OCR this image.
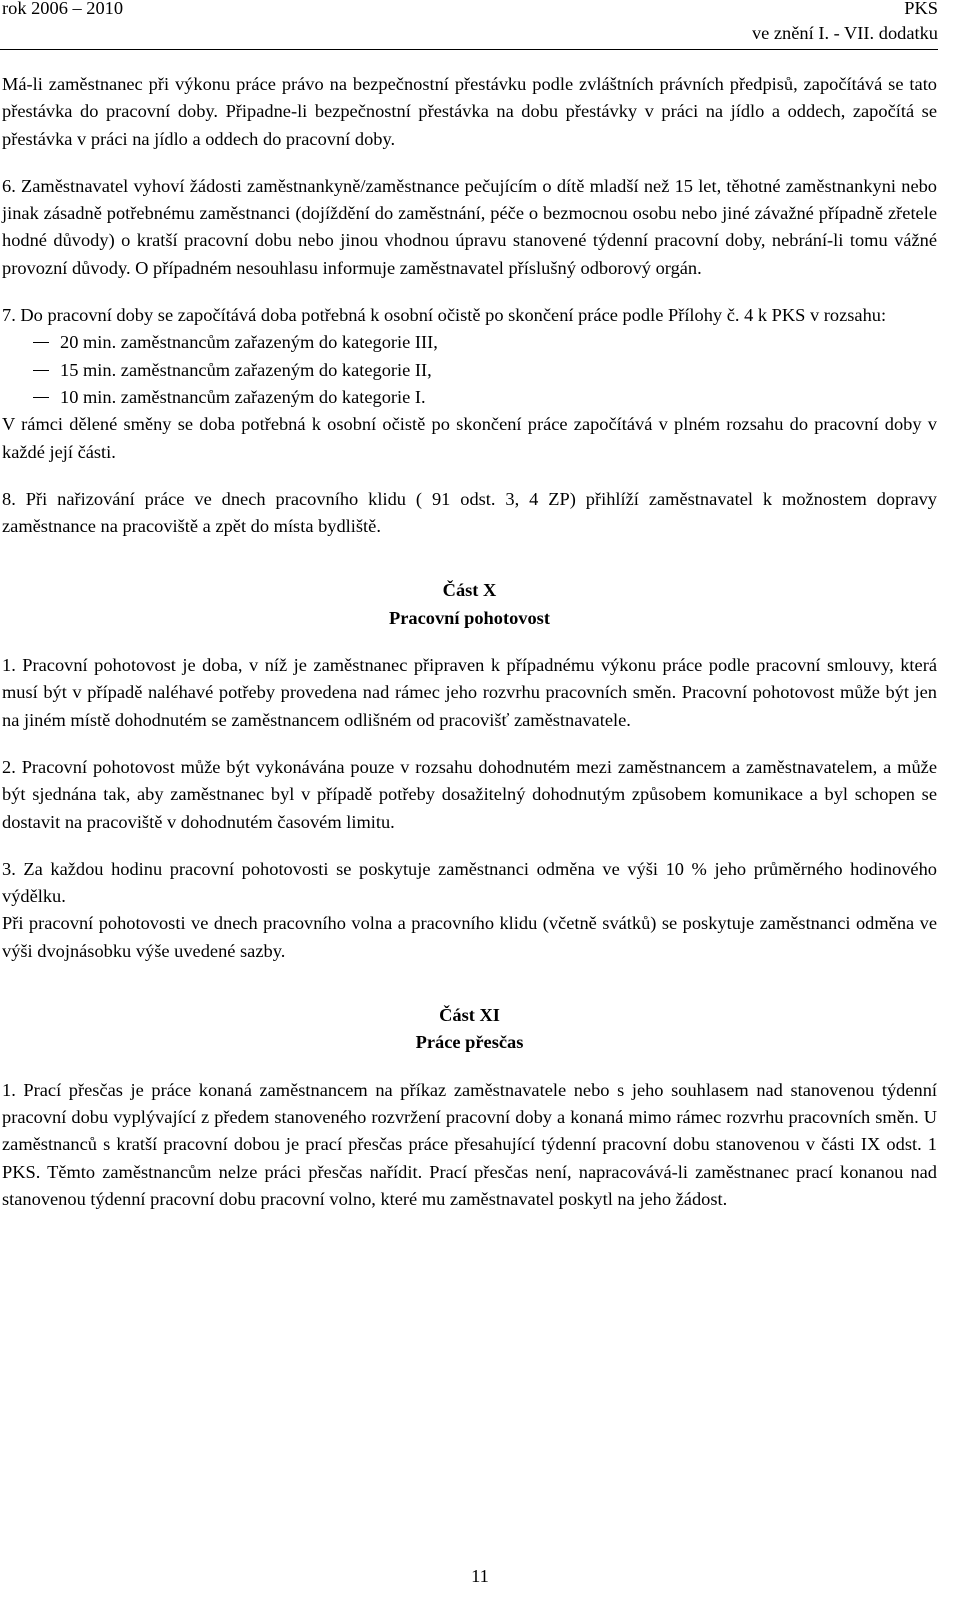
rok 2006 – 2010	PKS
ve znění I. - VII. dodatku

Má-li zaměstnanec při výkonu práce právo na bezpečnostní přestávku podle zvláštních právních předpisů, započítává se tato přestávka do pracovní doby. Připadne-li bezpečnostní přestávka na dobu přestávky v práci na jídlo a oddech, započítá se přestávka v práci na jídlo a oddech do pracovní doby.

6. Zaměstnavatel vyhoví žádosti zaměstnankyně/zaměstnance pečujícím o dítě mladší než 15 let, těhotné zaměstnankyni nebo jinak zásadně potřebnému zaměstnanci (dojíždění do zaměstnání, péče o bezmocnou osobu nebo jiné závažné případně zřetele hodné důvody) o kratší pracovní dobu nebo jinou vhodnou úpravu stanovené týdenní pracovní doby, nebrání-li tomu vážné provozní důvody. O případném nesouhlasu informuje zaměstnavatel příslušný odborový orgán.

7. Do pracovní doby se započítává doba potřebná k osobní očistě po skončení práce podle Přílohy č. 4 k PKS v rozsahu:

20 min. zaměstnancům zařazeným do kategorie III,
15 min. zaměstnancům zařazeným do kategorie II,
10 min. zaměstnancům zařazeným do kategorie I.

V rámci dělené směny se doba potřebná k osobní očistě po skončení práce započítává v plném rozsahu do pracovní doby v každé její části.

8. Při nařizování práce ve dnech pracovního klidu ( 91 odst. 3, 4 ZP) přihlíží zaměstnavatel k možnostem dopravy zaměstnance na pracoviště a zpět do místa bydliště.

Část X

Pracovní pohotovost

1. Pracovní pohotovost je doba, v níž je zaměstnanec připraven k případnému výkonu práce podle pracovní smlouvy, která musí být v případě naléhavé potřeby provedena nad rámec jeho rozvrhu pracovních směn. Pracovní pohotovost může být jen na jiném místě dohodnutém se zaměstnancem odlišném od pracovišť zaměstnavatele.

2. Pracovní pohotovost může být vykonávána pouze v rozsahu dohodnutém mezi zaměstnancem a zaměstnavatelem, a může být sjednána tak, aby zaměstnanec byl v případě potřeby dosažitelný dohodnutým způsobem komunikace a byl schopen se dostavit na pracoviště v dohodnutém časovém limitu.

3. Za každou hodinu pracovní pohotovosti se poskytuje zaměstnanci odměna ve výši 10 % jeho průměrného hodinového výdělku.

Při pracovní pohotovosti ve dnech pracovního volna a pracovního klidu (včetně svátků) se poskytuje zaměstnanci odměna ve výši dvojnásobku výše uvedené sazby.

Část XI

Práce přesčas

1. Prací přesčas je práce konaná zaměstnancem na příkaz zaměstnavatele nebo s jeho souhlasem nad stanovenou týdenní pracovní dobu vyplývající z předem stanoveného rozvržení pracovní doby a konaná mimo rámec rozvrhu pracovních směn. U zaměstnanců s kratší pracovní dobou je prací přesčas práce přesahující týdenní pracovní dobu stanovenou v části IX odst. 1 PKS. Těmto zaměstnancům nelze práci přesčas nařídit. Prací přesčas není, napracovává-li zaměstnanec prací konanou nad stanovenou týdenní pracovní dobu pracovní volno, které mu zaměstnavatel poskytl na jeho žádost.

11
